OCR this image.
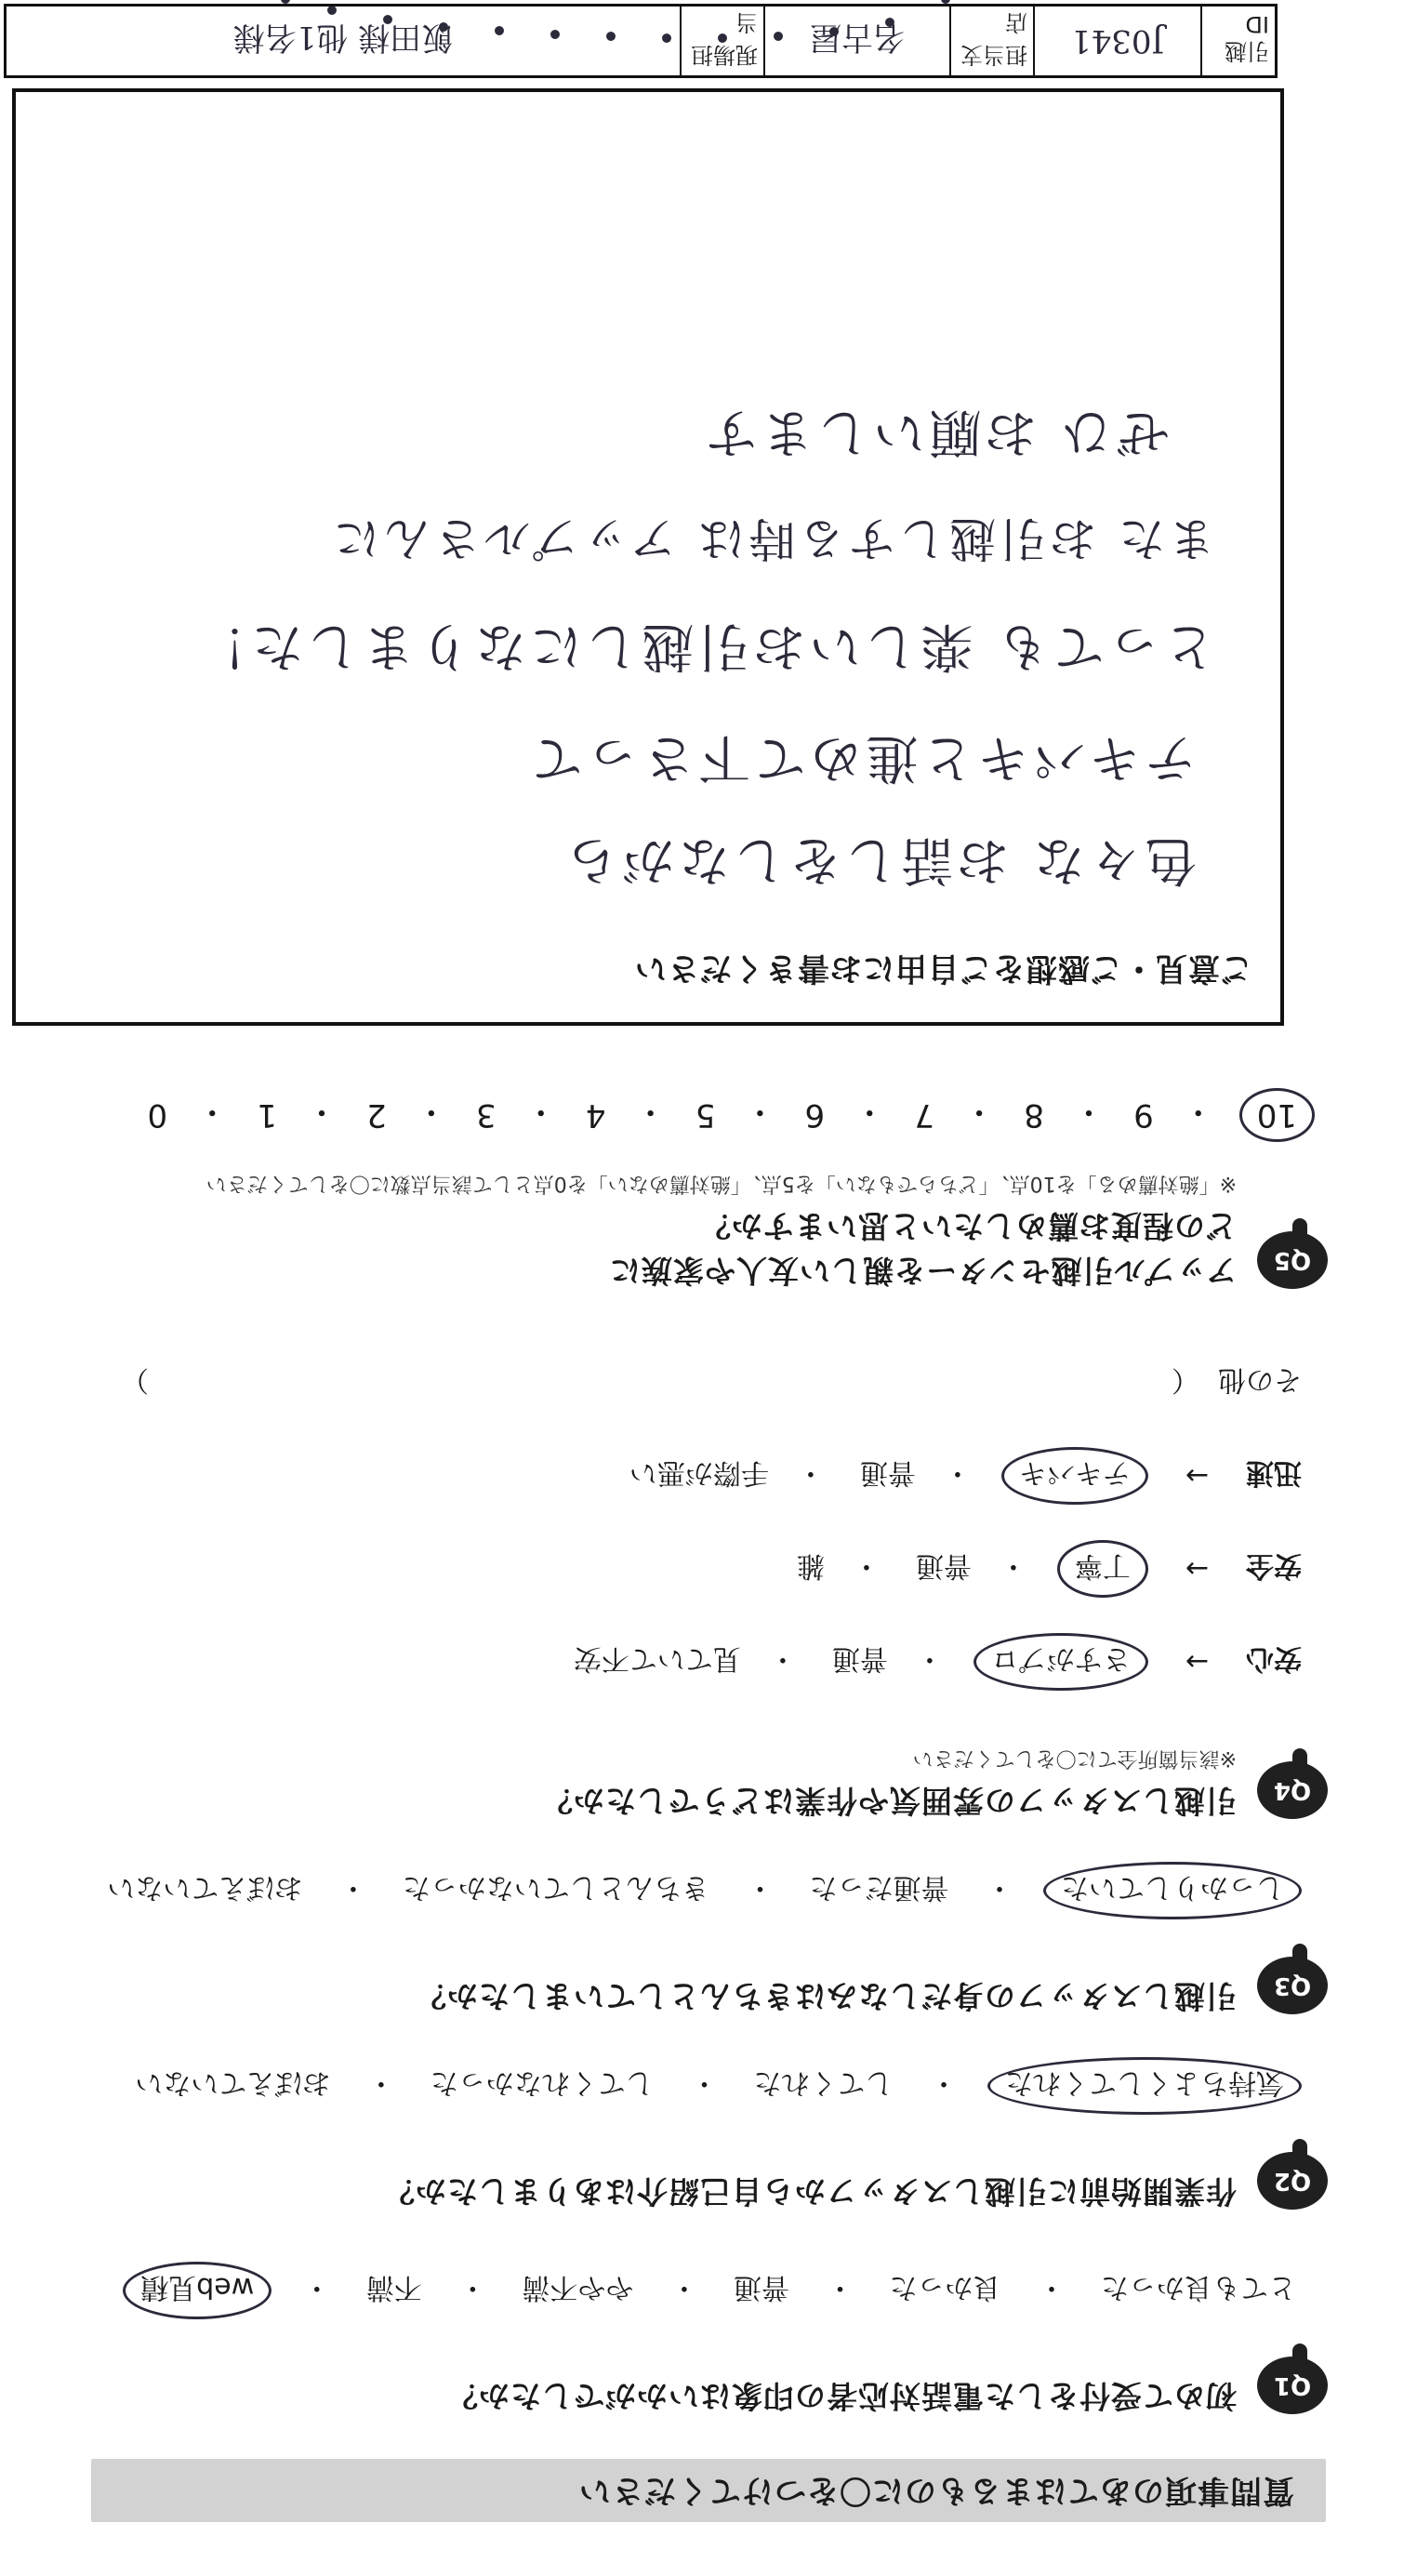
質問事項のあてはまるものに〇をつけてください
Q1
初めて受付をした電話対応者の印象はいかがでしたか？
とても良かった・ 良かった・ 普通・ やや不満・ 不満・ web見積
Q2
作業開始前に引越しスタッフから自己紹介はありましたか？
気持ちよくしてくれた・ してくれた・ してくれなかった・ おぼえていない
Q3
引越しスタッフの身だしなみはきちんとしていましたか？
しっかりしていた・ 普通だった・ きちんとしていなかった・ おぼえていない
Q4
引越しスタッフの雰囲気や作業はどうでしたか？
※該当箇所全てに〇をしてください
安心
→
さすがプロ
・
普通
・
見ていて不安
安全
→
丁寧
・
普通
・
雑
迅速
→
テキパキ
・
普通
・
手際が悪い
その他
（
）
Q5
アップル引越センターを親しい友人や家族に
どの程度お薦めしたいと思いますか？
※「絶対薦める」を10点、「どちらでもない」を5点、「絶対薦めない」を0点として該当点数に〇をしてください
10
・
9
・
8
・
7
・
6
・
5
・
4
・
3
・
2
・
1
・
0
ご意見・ご感想をご自由にお書きください
色々な お話しをしながら
テキパキと進めて下さって
とっても 楽しいお引越しになりました！
また お引越しする時は アップルさんに
ぜひ お願いします
引越ID
J0341
担当支店
名古屋
現場担当
飯田様 他1名様
